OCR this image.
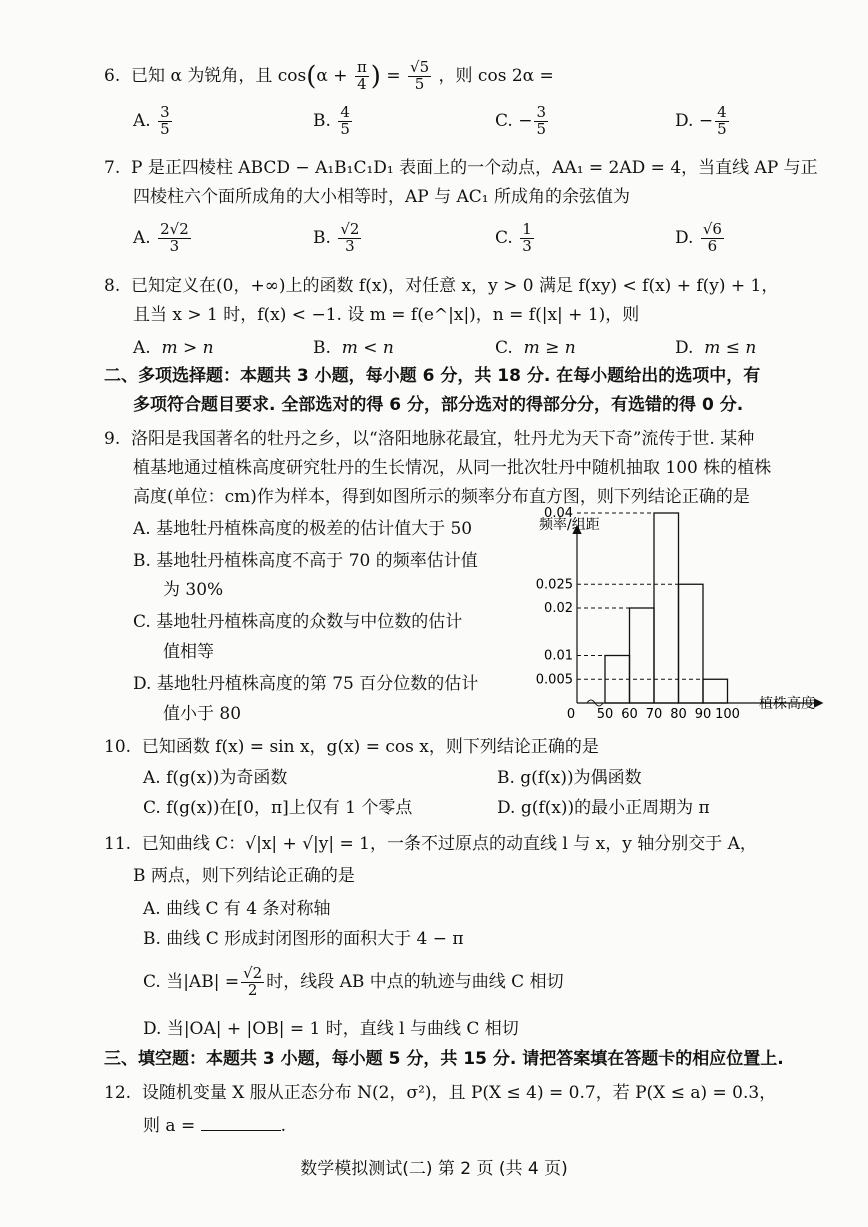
6. 已知 α 为锐角，且 $\cos(\alpha + \frac{\pi}{4}$ ) = $\frac{√5}{5}$ ，则 cos 2α =
A. $\frac{3}{5}$	B. $\frac{4}{5}$	C. − $\frac{3}{5}$	D. − $\frac{4}{5}$
7. P 是正四棱柱 ABCD − A₁B₁C₁D₁ 表面上的一个动点，AA₁ = 2AD = 4，当直线 AP 与正
四棱柱六个面所成角的大小相等时，AP 与 AC₁ 所成角的余弦值为
A. $\frac{2√2}{3}$	B. $\frac{√2}{3}$	C. $\frac{1}{3}$	D. $\frac{√6}{6}$
8. 已知定义在(0，+∞)上的函数 f(x)，对任意 x，y > 0 满足 f(xy) < f(x) + f(y) + 1，
且当 x > 1 时，f(x) < −1. 设 m = f(e^|x|)，n = f(|x| + 1)，则
A. m > n	B. m < n	C. m ≥ n	D. m ≤ n
二、多项选择题：本题共 3 小题，每小题 6 分，共 18 分. 在每小题给出的选项中，有
多项符合题目要求. 全部选对的得 6 分，部分选对的得部分分，有选错的得 0 分.
9. 洛阳是我国著名的牡丹之乡，以“洛阳地脉花最宜，牡丹尤为天下奇”流传于世. 某种
植基地通过植株高度研究牡丹的生长情况，从同一批次牡丹中随机抽取 100 株的植株
高度(单位：cm)作为样本，得到如图所示的频率分布直方图，则下列结论正确的是
A. 基地牡丹植株高度的极差的估计值大于 50
B. 基地牡丹植株高度不高于 70 的频率估计值
为 30%
C. 基地牡丹植株高度的众数与中位数的估计
值相等
D. 基地牡丹植株高度的第 75 百分位数的估计
值小于 80
0.04
0.025
0.02
0.01
0.005
0 50 60 70 80 90 100
频率/组距
植株高度
10. 已知函数 f(x) = sin x，g(x) = cos x，则下列结论正确的是
A. f(g(x))为奇函数	B. g(f(x))为偶函数
C. f(g(x))在[0，π]上仅有 1 个零点	D. g(f(x))的最小正周期为 π
11. 已知曲线 C：√|x| + √|y| = 1，一条不过原点的动直线 l 与 x，y 轴分别交于 A，
B 两点，则下列结论正确的是
A. 曲线 C 有 4 条对称轴
B. 曲线 C 形成封闭图形的面积大于 4 − π
C. 当$|AB| = \frac{√2}{2}$ 时，线段 AB 中点的轨迹与曲线 C 相切
D. 当|OA| + |OB| = 1 时，直线 l 与曲线 C 相切
三、填空题：本题共 3 小题，每小题 5 分，共 15 分. 请把答案填在答题卡的相应位置上.
12. 设随机变量 X 服从正态分布 N(2，σ²)，且 P(X ≤ 4) = 0.7，若 P(X ≤ a) = 0.3，
则 a =	.
数学模拟测试(二) 第 2 页 (共 4 页)
